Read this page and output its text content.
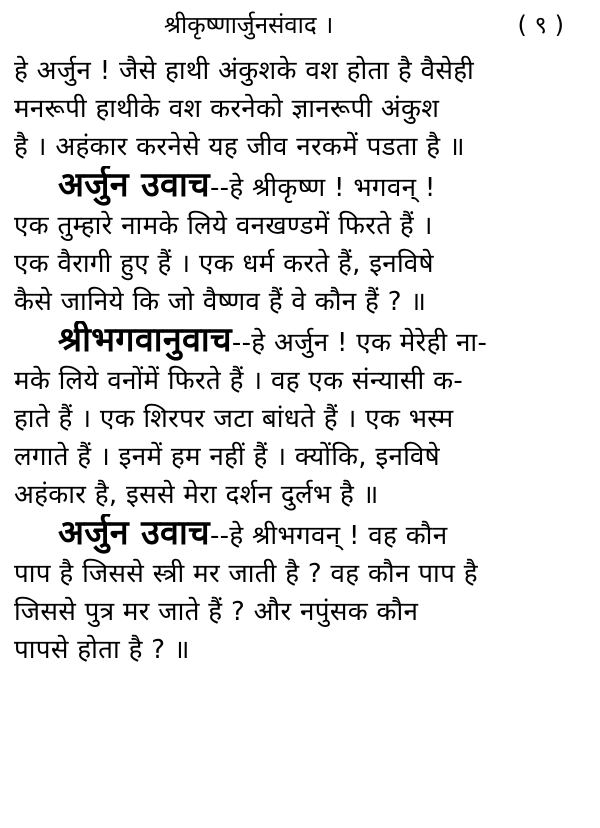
श्रीकृष्णार्जुनसंवाद ।	( ९ )
हे अर्जुन ! जैसे हाथी अंकुशके वश होता है वैसेही
मनरूपी हाथीके वश करनेको ज्ञानरूपी अंकुश
है । अहंकार करनेसे यह जीव नरकमें पडता है ॥
अर्जुन उवाच--हे श्रीकृष्ण ! भगवन् !
एक तुम्हारे नामके लिये वनखण्डमें फिरते हैं ।
एक वैरागी हुए हैं । एक धर्म करते हैं, इनविषे
कैसे जानिये कि जो वैष्णव हैं वे कौन हैं ? ॥
श्रीभगवानुवाच--हे अर्जुन ! एक मेरेही ना-
मके लिये वनोंमें फिरते हैं । वह एक संन्यासी क-
हाते हैं । एक शिरपर जटा बांधते हैं । एक भस्म
लगाते हैं । इनमें हम नहीं हैं । क्योंकि, इनविषे
अहंकार है, इससे मेरा दर्शन दुर्लभ है ॥
अर्जुन उवाच--हे श्रीभगवन् ! वह कौन
पाप है जिससे स्त्री मर जाती है ? वह कौन पाप है
जिससे पुत्र मर जाते हैं ? और नपुंसक कौन
पापसे होता है ? ॥
